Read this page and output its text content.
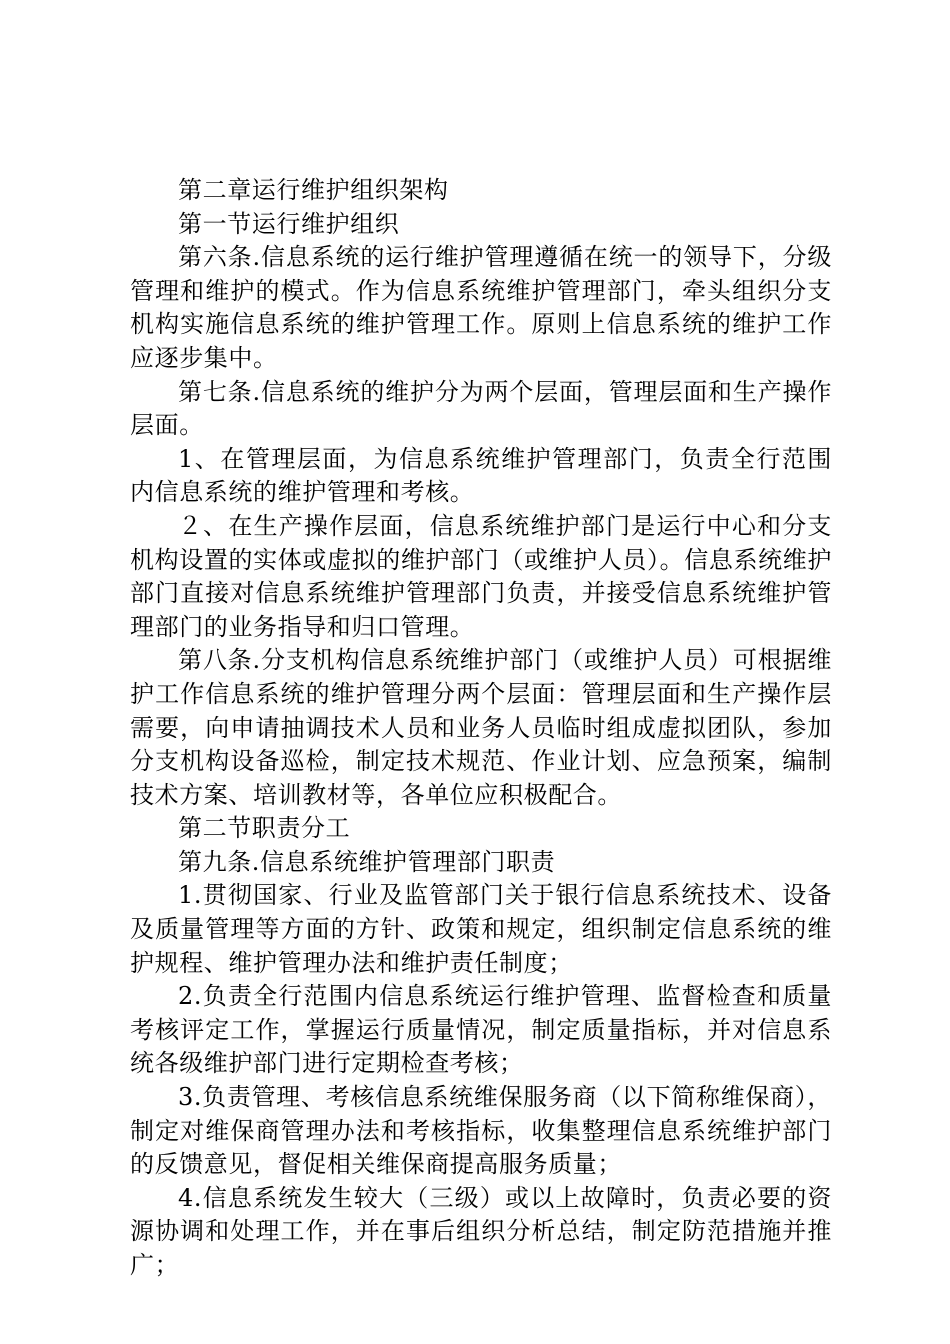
第二章运行维护组织架构

第一节运行维护组织

第六条.信息系统的运行维护管理遵循在统一的领导下，分级管理和维护的模式。作为信息系统维护管理部门，牵头组织分支机构实施信息系统的维护管理工作。原则上信息系统的维护工作应逐步集中。

第七条.信息系统的维护分为两个层面，管理层面和生产操作层面。

1、在管理层面，为信息系统维护管理部门，负责全行范围内信息系统的维护管理和考核。

２、在生产操作层面，信息系统维护部门是运行中心和分支机构设置的实体或虚拟的维护部门（或维护人员）。信息系统维护部门直接对信息系统维护管理部门负责，并接受信息系统维护管理部门的业务指导和归口管理。

第八条.分支机构信息系统维护部门（或维护人员）可根据维护工作信息系统的维护管理分两个层面：管理层面和生产操作层需要，向申请抽调技术人员和业务人员临时组成虚拟团队，参加分支机构设备巡检，制定技术规范、作业计划、应急预案，编制技术方案、培训教材等，各单位应积极配合。

第二节职责分工

第九条.信息系统维护管理部门职责

1.贯彻国家、行业及监管部门关于银行信息系统技术、设备及质量管理等方面的方针、政策和规定，组织制定信息系统的维护规程、维护管理办法和维护责任制度；

2.负责全行范围内信息系统运行维护管理、监督检查和质量考核评定工作，掌握运行质量情况，制定质量指标，并对信息系统各级维护部门进行定期检查考核；

3.负责管理、考核信息系统维保服务商（以下简称维保商），制定对维保商管理办法和考核指标，收集整理信息系统维护部门的反馈意见，督促相关维保商提高服务质量；

4.信息系统发生较大（三级）或以上故障时，负责必要的资源协调和处理工作，并在事后组织分析总结，制定防范措施并推广；
